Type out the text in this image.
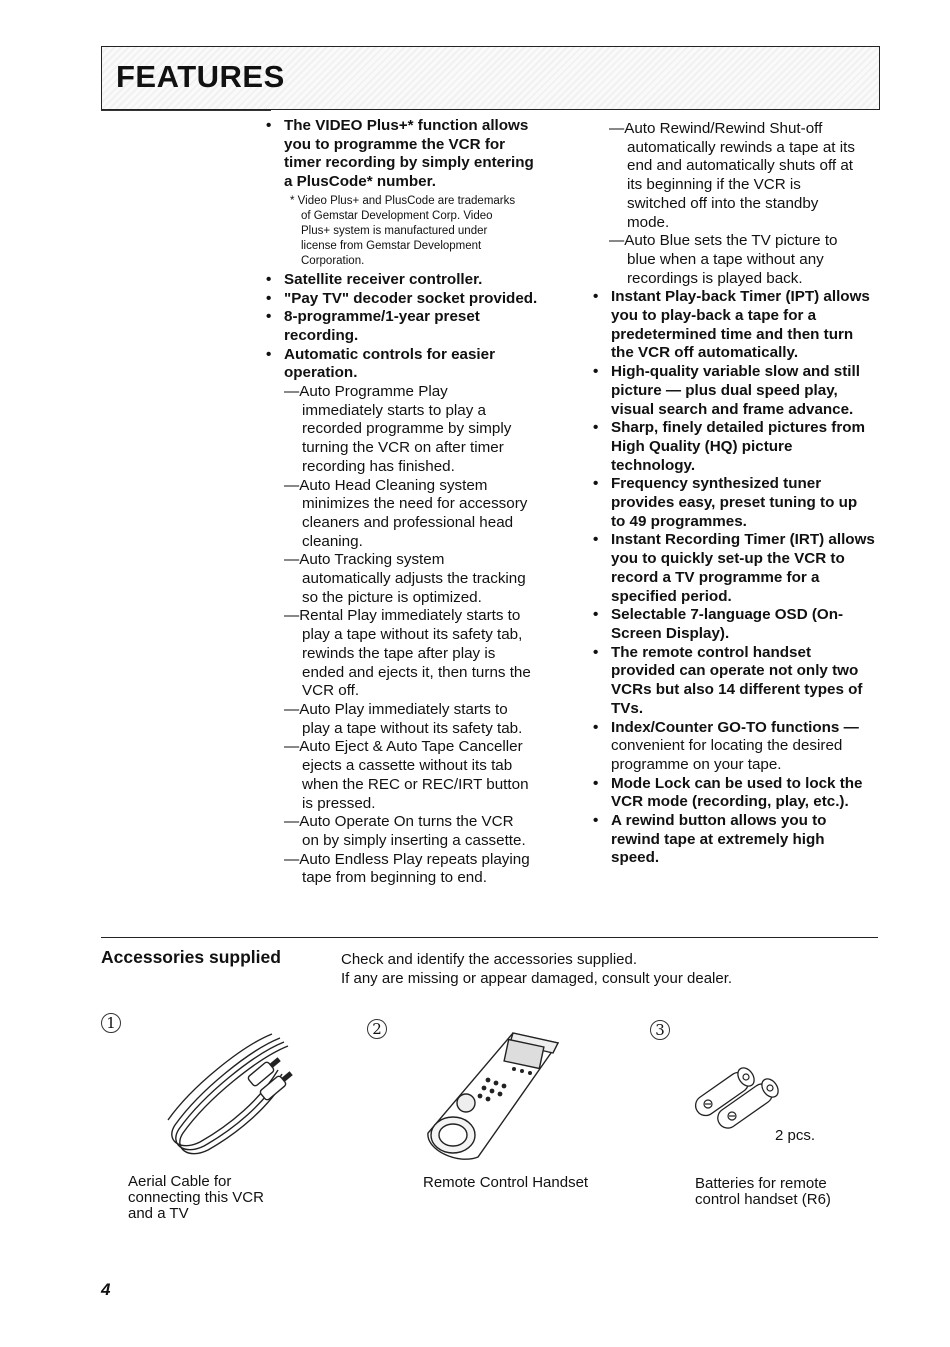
FEATURES
• The VIDEO Plus+* function allows
you to programme the VCR for
timer recording by simply entering
a PlusCode* number.
* Video Plus+ and PlusCode are trademarks
of Gemstar Development Corp. Video
Plus+ system is manufactured under
license from Gemstar Development
Corporation.
• Satellite receiver controller.
• "Pay TV" decoder socket provided.
• 8-programme/1-year preset
recording.
• Automatic controls for easier
operation.
—Auto Programme Play
immediately starts to play a
recorded programme by simply
turning the VCR on after timer
recording has finished.
—Auto Head Cleaning system
minimizes the need for accessory
cleaners and professional head
cleaning.
—Auto Tracking system
automatically adjusts the tracking
so the picture is optimized.
—Rental Play immediately starts to
play a tape without its safety tab,
rewinds the tape after play is
ended and ejects it, then turns the
VCR off.
—Auto Play immediately starts to
play a tape without its safety tab.
—Auto Eject & Auto Tape Canceller
ejects a cassette without its tab
when the REC or REC/IRT button
is pressed.
—Auto Operate On turns the VCR
on by simply inserting a cassette.
—Auto Endless Play repeats playing
tape from beginning to end.
—Auto Rewind/Rewind Shut-off
automatically rewinds a tape at its
end and automatically shuts off at
its beginning if the VCR is
switched off into the standby
mode.
—Auto Blue sets the TV picture to
blue when a tape without any
recordings is played back.
• Instant Play-back Timer (IPT) allows
you to play-back a tape for a
predetermined time and then turn
the VCR off automatically.
• High-quality variable slow and still
picture — plus dual speed play,
visual search and frame advance.
• Sharp, finely detailed pictures from
High Quality (HQ) picture
technology.
• Frequency synthesized tuner
provides easy, preset tuning to up
to 49 programmes.
• Instant Recording Timer (IRT) allows
you to quickly set-up the VCR to
record a TV programme for a
specified period.
• Selectable 7-language OSD (On-
Screen Display).
• The remote control handset
provided can operate not only two
VCRs but also 14 different types of
TVs.
• Index/Counter GO-TO functions —
convenient for locating the desired
programme on your tape.
• Mode Lock can be used to lock the
VCR mode (recording, play, etc.).
• A rewind button allows you to
rewind tape at extremely high
speed.
Accessories supplied	Check and identify the accessories supplied.
If any are missing or appear damaged, consult your dealer.
1
Aerial Cable for
connecting this VCR
and a TV
2
Remote Control Handset
3
2 pcs.
Batteries for remote
control handset (R6)
4
